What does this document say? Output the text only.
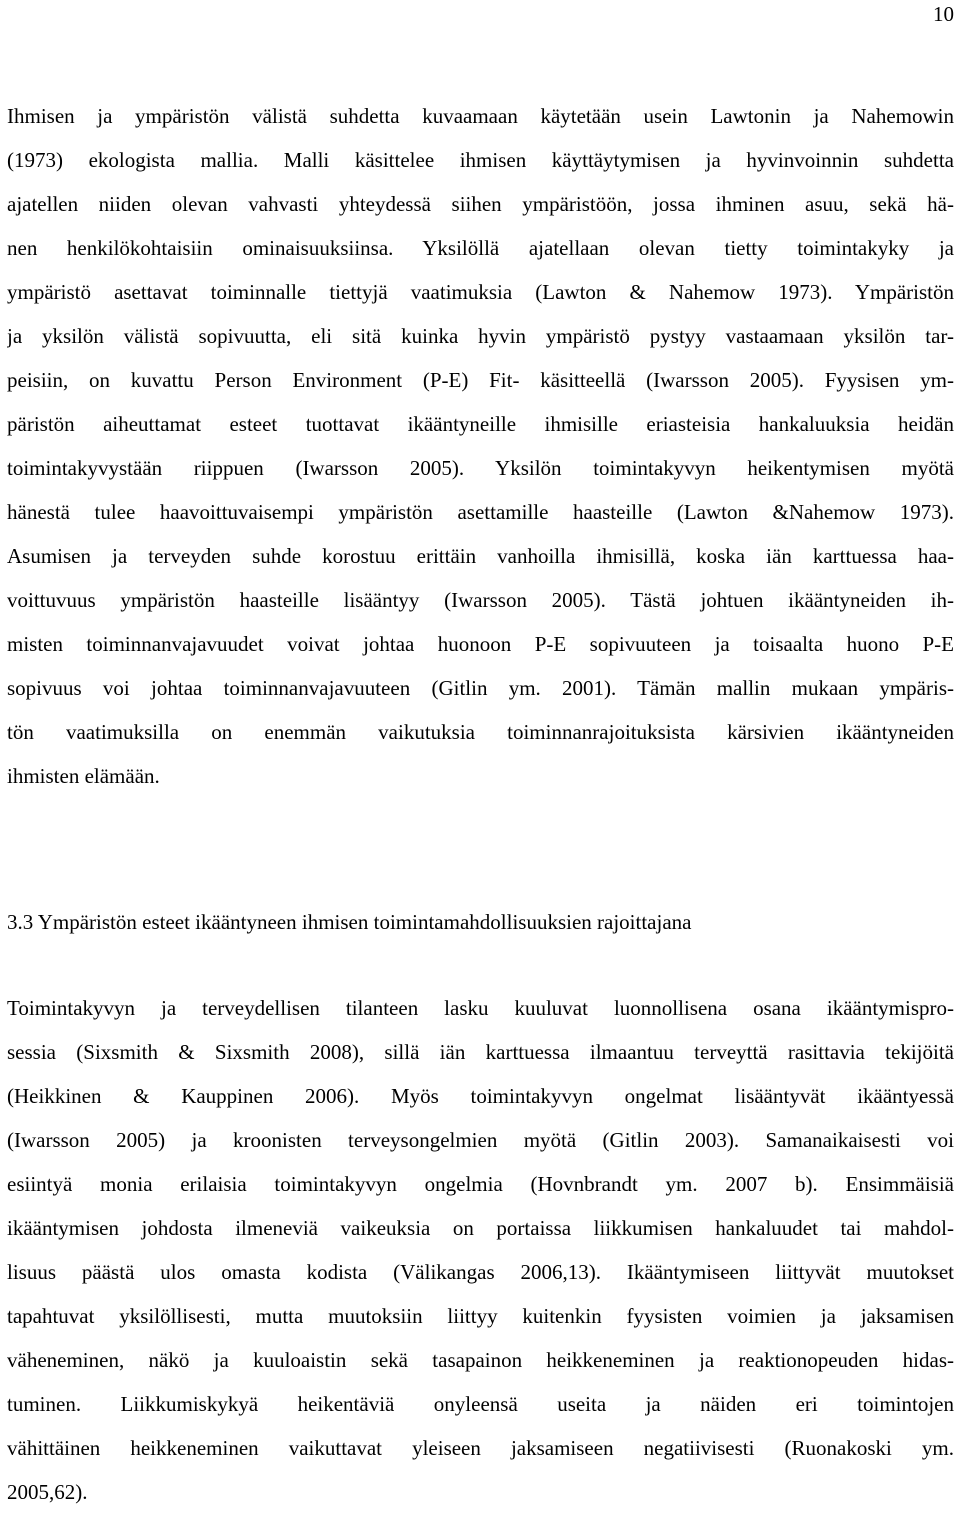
10
Ihmisen ja ympäristön välistä suhdetta kuvaamaan käytetään usein Lawtonin ja Nahemowin
(1973) ekologista mallia. Malli käsittelee ihmisen käyttäytymisen ja hyvinvoinnin suhdetta
ajatellen niiden olevan vahvasti yhteydessä siihen ympäristöön, jossa ihminen asuu, sekä hä-
nen henkilökohtaisiin ominaisuuksiinsa. Yksilöllä ajatellaan olevan tietty toimintakyky ja
ympäristö asettavat toiminnalle tiettyjä vaatimuksia (Lawton & Nahemow 1973). Ympäristön
ja yksilön välistä sopivuutta, eli sitä kuinka hyvin ympäristö pystyy vastaamaan yksilön tar-
peisiin, on kuvattu Person Environment (P-E) Fit- käsitteellä (Iwarsson 2005). Fyysisen ym-
päristön aiheuttamat esteet tuottavat ikääntyneille ihmisille eriasteisia hankaluuksia heidän
toimintakyvystään riippuen (Iwarsson 2005). Yksilön toimintakyvyn heikentymisen myötä
hänestä tulee haavoittuvaisempi ympäristön asettamille haasteille (Lawton &Nahemow 1973).
Asumisen ja terveyden suhde korostuu erittäin vanhoilla ihmisillä, koska iän karttuessa haa-
voittuvuus ympäristön haasteille lisääntyy (Iwarsson 2005). Tästä johtuen ikääntyneiden ih-
misten toiminnanvajavuudet voivat johtaa huonoon P-E sopivuuteen ja toisaalta huono P-E
sopivuus voi johtaa toiminnanvajavuuteen (Gitlin ym. 2001). Tämän mallin mukaan ympäris-
tön vaatimuksilla on enemmän vaikutuksia toiminnanrajoituksista kärsivien ikääntyneiden
ihmisten elämään.
3.3 Ympäristön esteet ikääntyneen ihmisen toimintamahdollisuuksien rajoittajana
Toimintakyvyn ja terveydellisen tilanteen lasku kuuluvat luonnollisena osana ikääntymispro-
sessia (Sixsmith & Sixsmith 2008), sillä iän karttuessa ilmaantuu terveyttä rasittavia tekijöitä
(Heikkinen & Kauppinen 2006). Myös toimintakyvyn ongelmat lisääntyvät ikääntyessä
(Iwarsson 2005) ja kroonisten terveysongelmien myötä (Gitlin 2003). Samanaikaisesti voi
esiintyä monia erilaisia toimintakyvyn ongelmia (Hovnbrandt ym. 2007 b). Ensimmäisiä
ikääntymisen johdosta ilmeneviä vaikeuksia on portaissa liikkumisen hankaluudet tai mahdol-
lisuus päästä ulos omasta kodista (Välikangas 2006,13). Ikääntymiseen liittyvät muutokset
tapahtuvat yksilöllisesti, mutta muutoksiin liittyy kuitenkin fyysisten voimien ja jaksamisen
väheneminen, näkö ja kuuloaistin sekä tasapainon heikkeneminen ja reaktionopeuden hidas-
tuminen. Liikkumiskykyä heikentäviä onyleensä useita ja näiden eri toimintojen
vähittäinen heikkeneminen vaikuttavat yleiseen jaksamiseen negatiivisesti (Ruonakoski ym.
2005,62).
